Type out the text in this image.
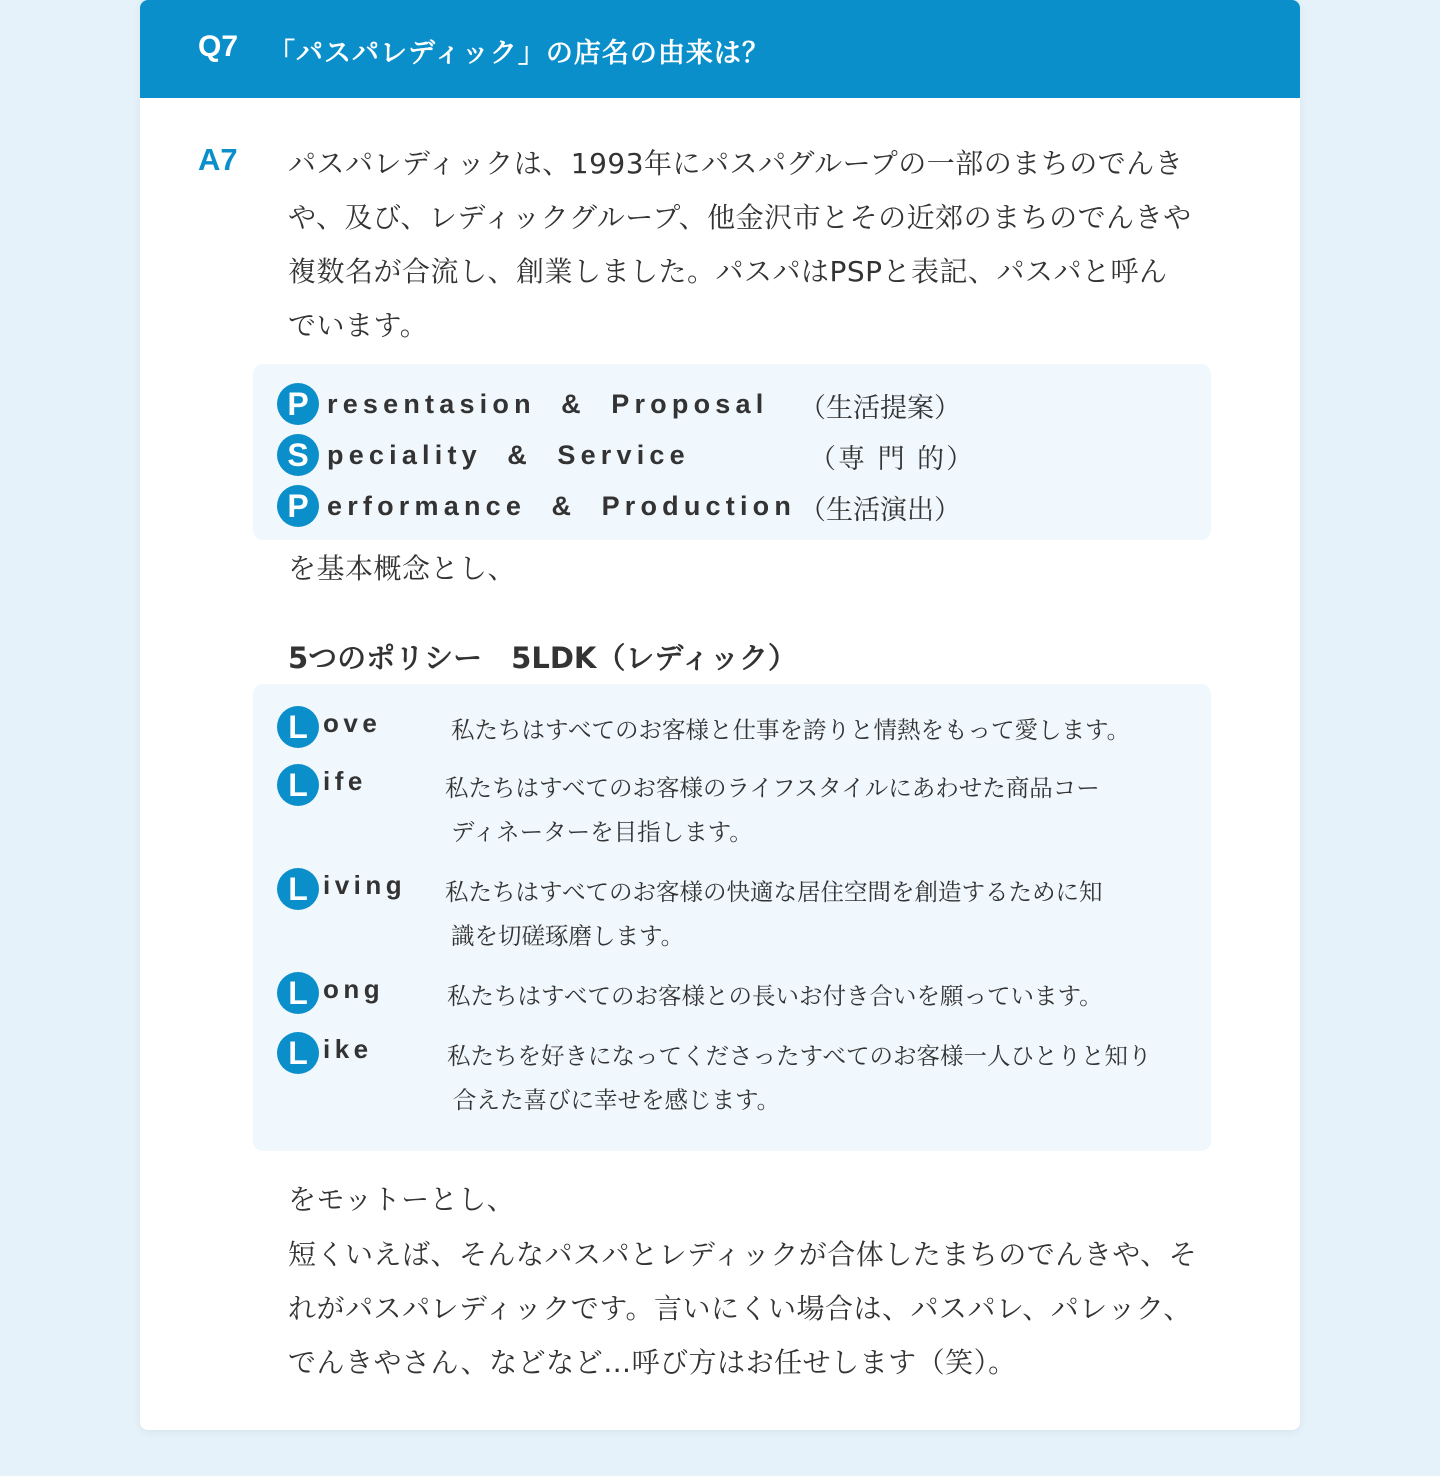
Q7 「パスパレディック」の店名の由来は？
A7 パスパレディックは、1993年にパスパグループの一部のまちのでんき
や、及び、レディックグループ、他金沢市とその近郊のまちのでんきや
複数名が合流し、創業しました。パスパはPSPと表記、パスパと呼ん
でいます。
P resentasion  &  Proposal （生活提案）
S peciality  &  Service	（専 門 的）
P erformance  &  Production （生活演出）
を基本概念とし、
5つのポリシー　5LDK（レディック）
L ove	私たちはすべてのお客様と仕事を誇りと情熱をもって愛します。
L ife	私たちはすべてのお客様のライフスタイルにあわせた商品コー
ディネーターを目指します。
L iving 私たちはすべてのお客様の快適な居住空間を創造するために知
識を切磋琢磨します。
L ong	私たちはすべてのお客様との長いお付き合いを願っています。
L ike	私たちを好きになってくださったすべてのお客様一人ひとりと知り
合えた喜びに幸せを感じます。
をモットーとし、
短くいえば、そんなパスパとレディックが合体したまちのでんきや、そ
れがパスパレディックです。言いにくい場合は、パスパレ、パレック、
でんきやさん、などなど…呼び方はお任せします（笑）。
